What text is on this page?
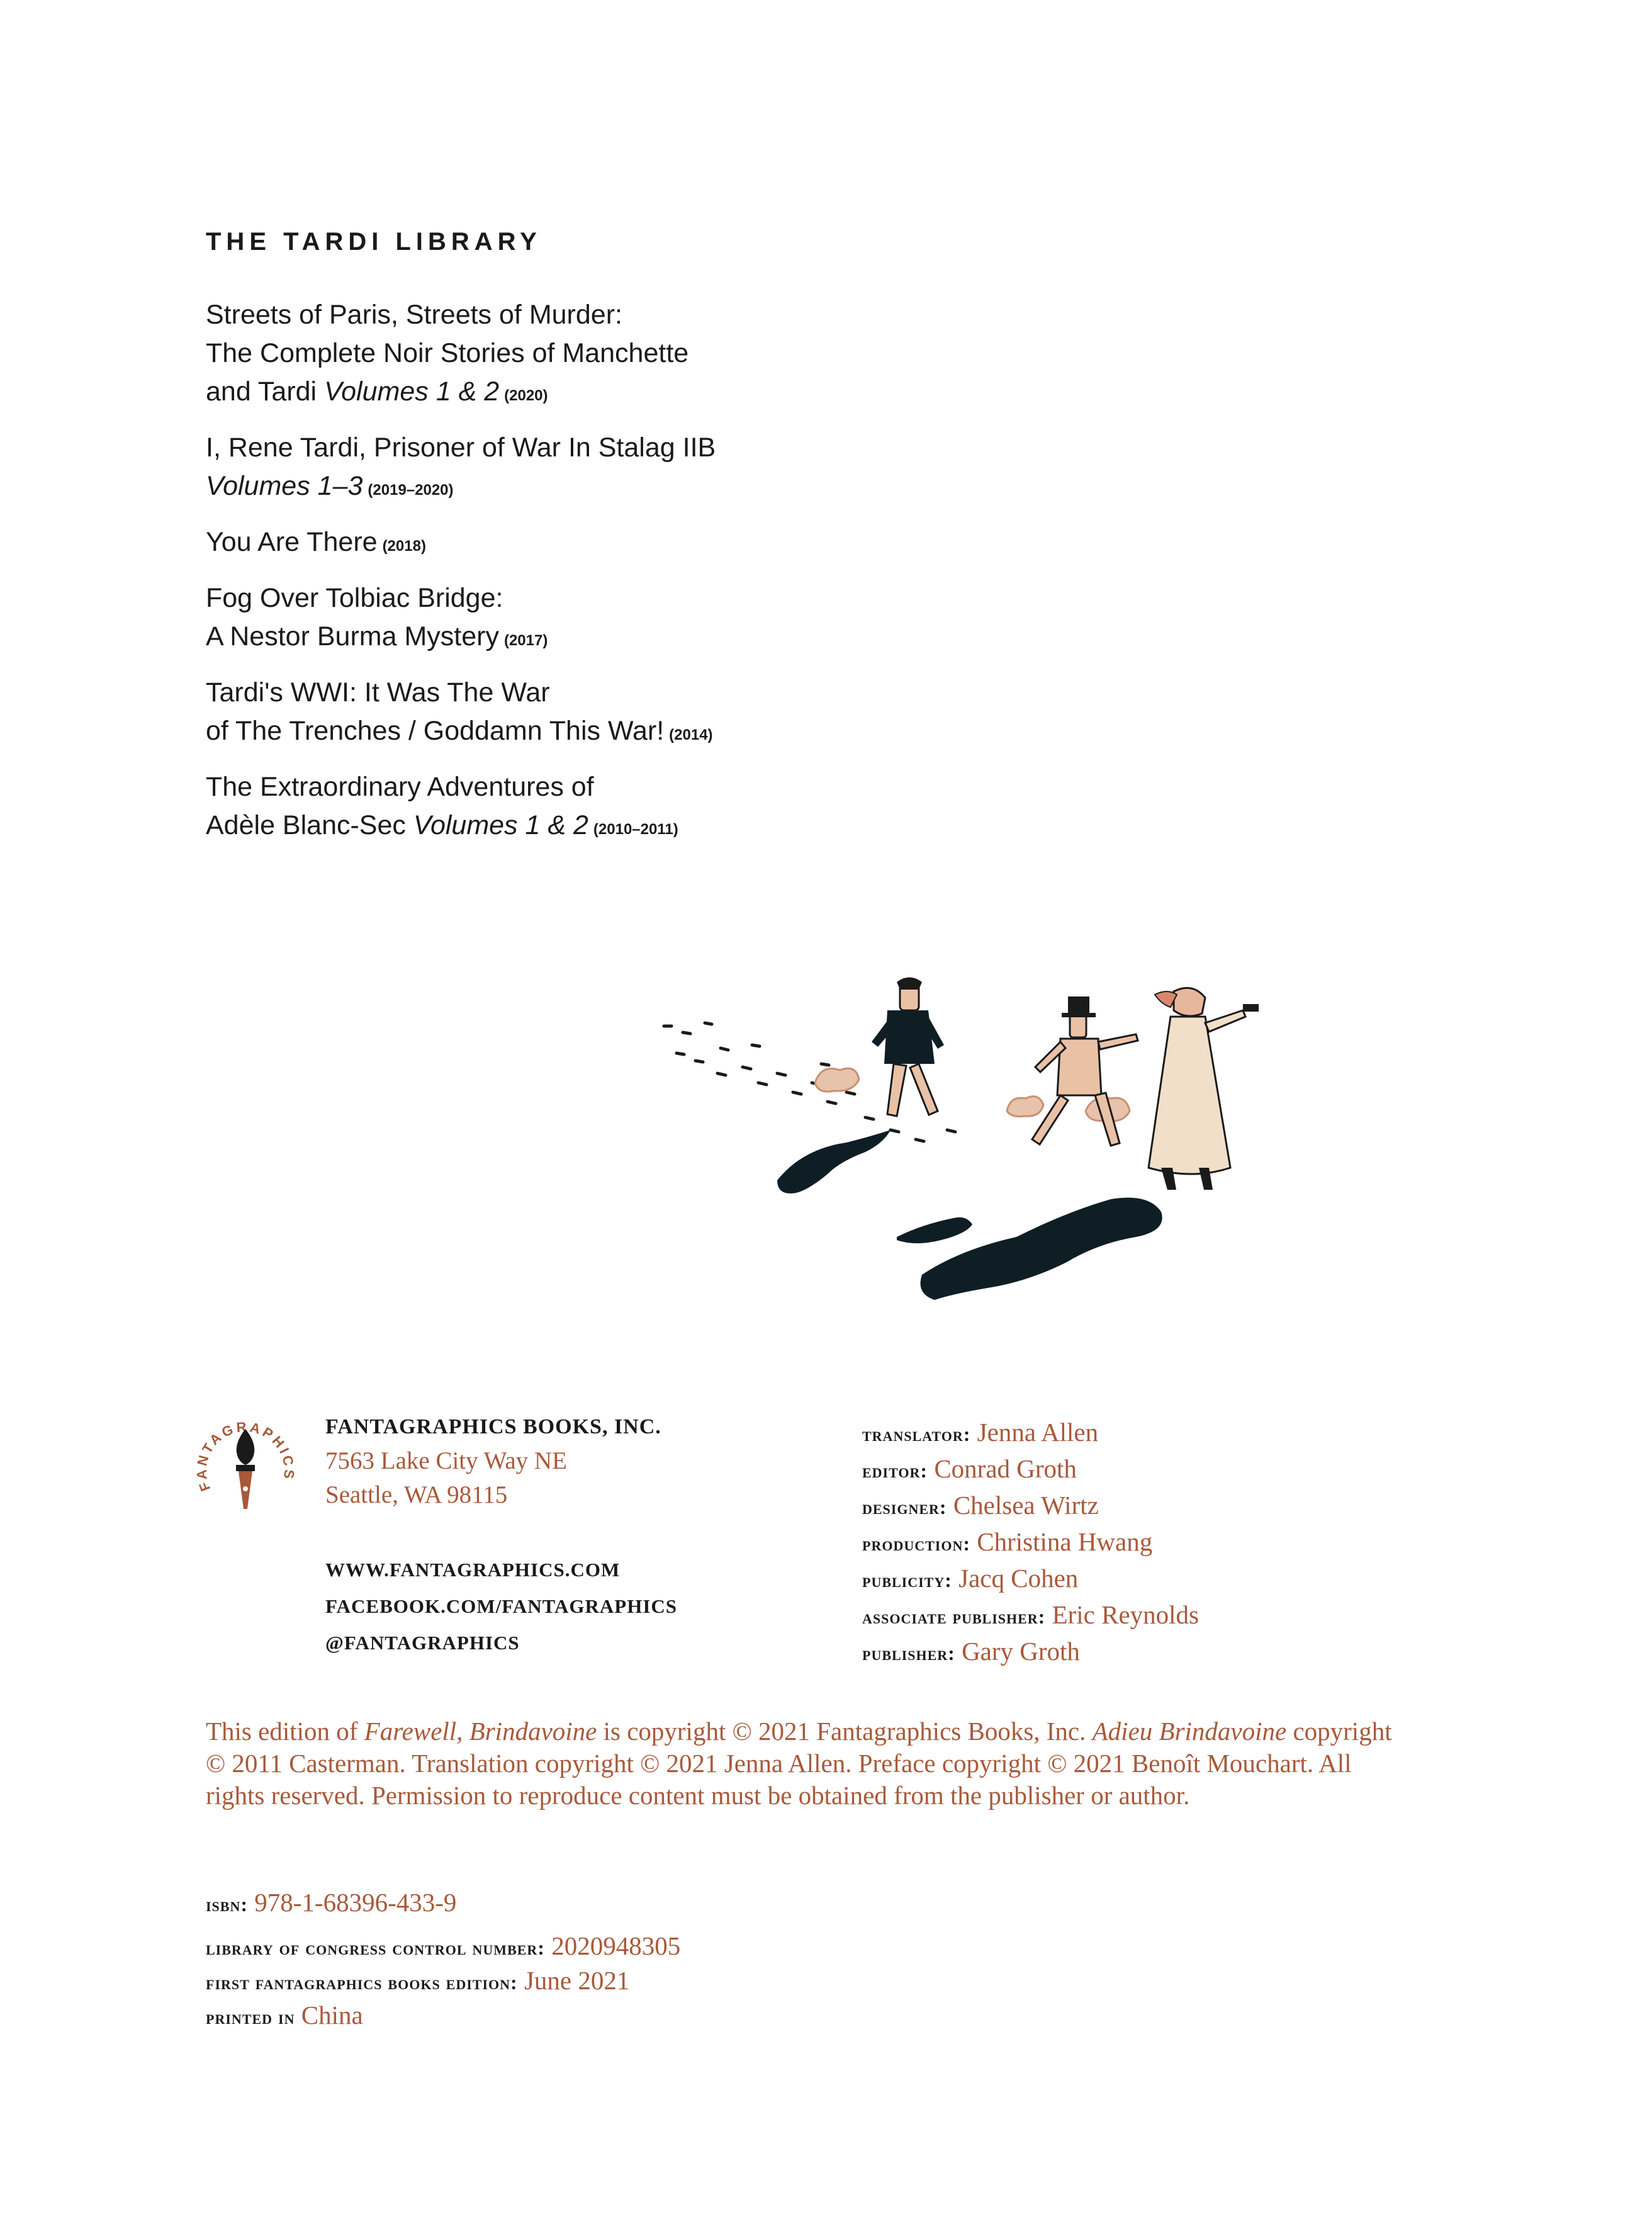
THE TARDI LIBRARY
Streets of Paris, Streets of Murder:
The Complete Noir Stories of Manchette
and Tardi Volumes 1 & 2 (2020)
I, Rene Tardi, Prisoner of War In Stalag IIB
Volumes 1–3 (2019–2020)
You Are There (2018)
Fog Over Tolbiac Bridge:
A Nestor Burma Mystery (2017)
Tardi's WWI: It Was The War
of The Trenches / Goddamn This War! (2014)
The Extraordinary Adventures of
Adèle Blanc-Sec Volumes 1 & 2 (2010–2011)
FANTAGRAPHICS
FANTAGRAPHICS BOOKS, INC.
7563 Lake City Way NE
Seattle, WA 98115
WWW.FANTAGRAPHICS.COM
FACEBOOK.COM/FANTAGRAPHICS
@FANTAGRAPHICS
translator: Jenna Allen
editor: Conrad Groth
designer: Chelsea Wirtz
production: Christina Hwang
publicity: Jacq Cohen
associate publisher: Eric Reynolds
publisher: Gary Groth
This edition of Farewell, Brindavoine is copyright © 2021 Fantagraphics Books, Inc. Adieu Brindavoine copyright © 2011 Casterman. Translation copyright © 2021 Jenna Allen. Preface copyright © 2021 Benoît Mouchart. All rights reserved. Permission to reproduce content must be obtained from the publisher or author.
isbn: 978-1-68396-433-9
library of congress control number: 2020948305
first fantagraphics books edition: June 2021
printed in China
